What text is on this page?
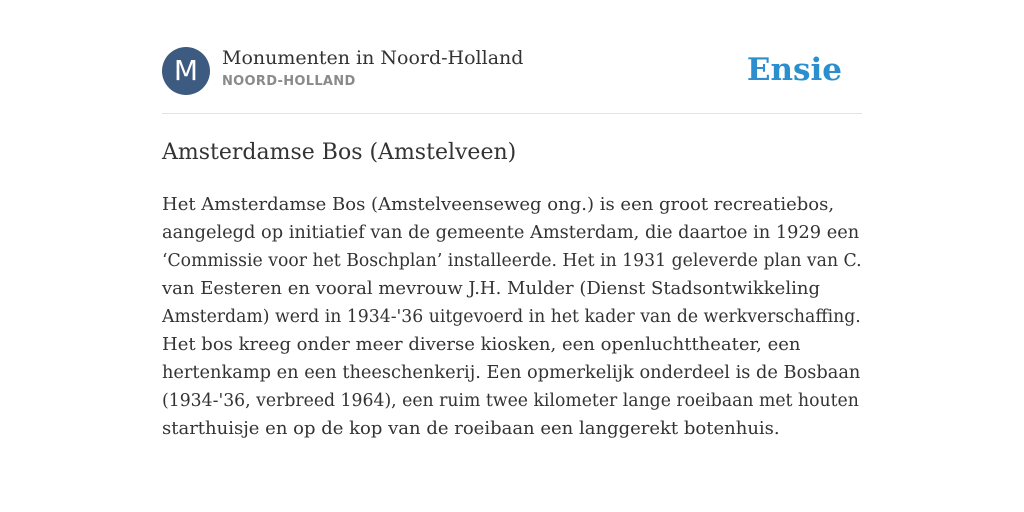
M	Monumenten in Noord-Holland
NOORD-HOLLAND	Ensie
Amsterdamse Bos (Amstelveen)
Het Amsterdamse Bos (Amstelveenseweg ong.) is een groot recreatiebos,
aangelegd op initiatief van de gemeente Amsterdam, die daartoe in 1929 een
‘Commissie voor het Boschplan’ installeerde. Het in 1931 geleverde plan van C.
van Eesteren en vooral mevrouw J.H. Mulder (Dienst Stadsontwikkeling
Amsterdam) werd in 1934-'36 uitgevoerd in het kader van de werkverschaffing.
Het bos kreeg onder meer diverse kiosken, een openluchttheater, een
hertenkamp en een theeschenkerij. Een opmerkelijk onderdeel is de Bosbaan
(1934-'36, verbreed 1964), een ruim twee kilometer lange roeibaan met houten
starthuisje en op de kop van de roeibaan een langgerekt botenhuis.
